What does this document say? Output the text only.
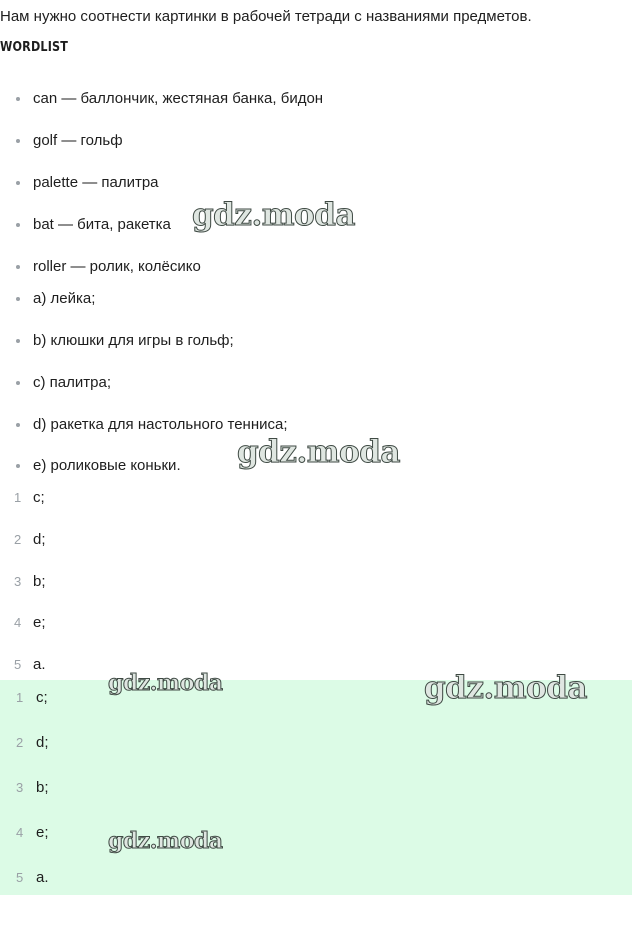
Нам нужно соотнести картинки в рабочей тетради с названиями предметов.
WORDLIST
can — баллончик, жестяная банка, бидон
golf — гольф
palette — палитра
bat — бита, ракетка
roller — ролик, колёсико
a) лейка;
b) клюшки для игры в гольф;
c) палитра;
d) ракетка для настольного тенниса;
e) роликовые коньки.
1 c;
2 d;
3 b;
4 e;
5 a.
1 c;
2 d;
3 b;
4 e;
5 a.
gdz.moda
gdz.moda
gdz.moda	gdz.moda
gdz.moda
